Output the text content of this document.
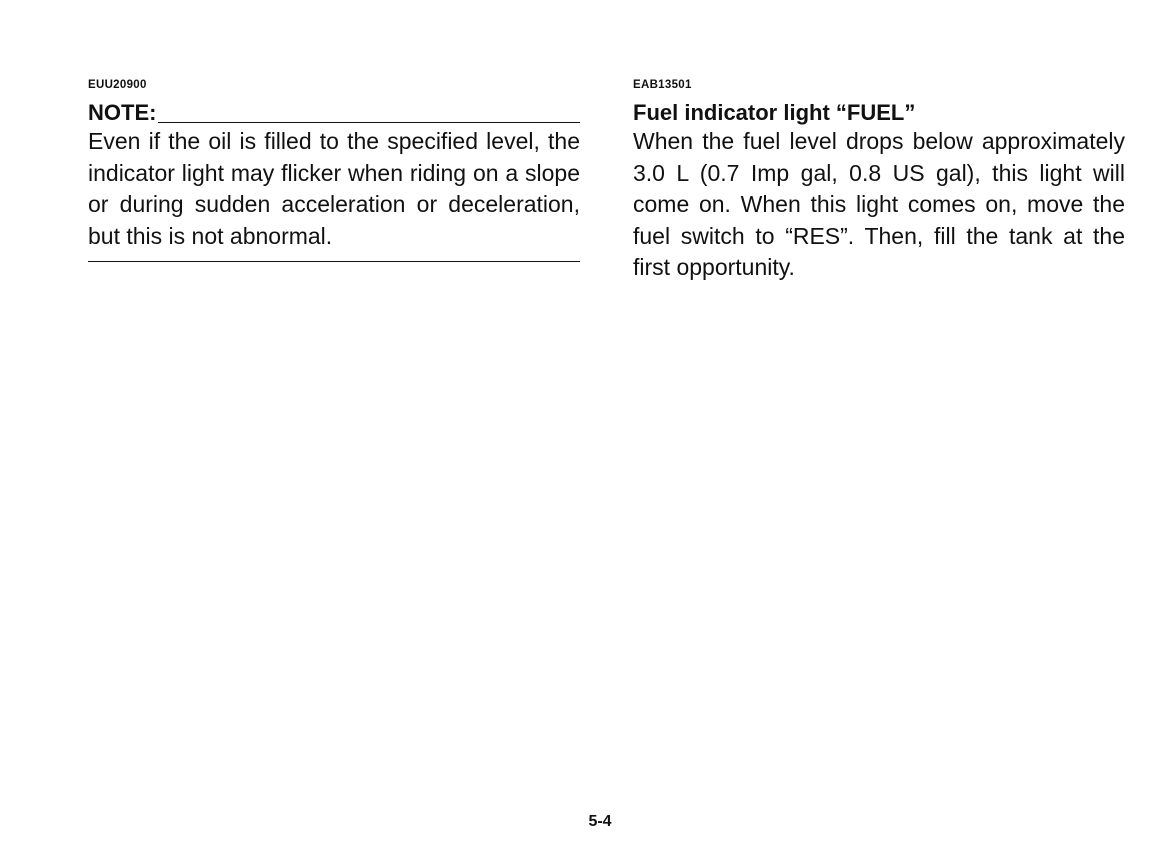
EUU20900
NOTE:

Even if the oil is filled to the specified level, the indicator light may flicker when riding on a slope or during sudden acceleration or deceleration, but this is not abnormal.

EAB13501
Fuel indicator light “FUEL”

When the fuel level drops below approximately 3.0 L (0.7 Imp gal, 0.8 US gal), this light will come on. When this light comes on, move the fuel switch to “RES”. Then, fill the tank at the first opportunity.

5-4
